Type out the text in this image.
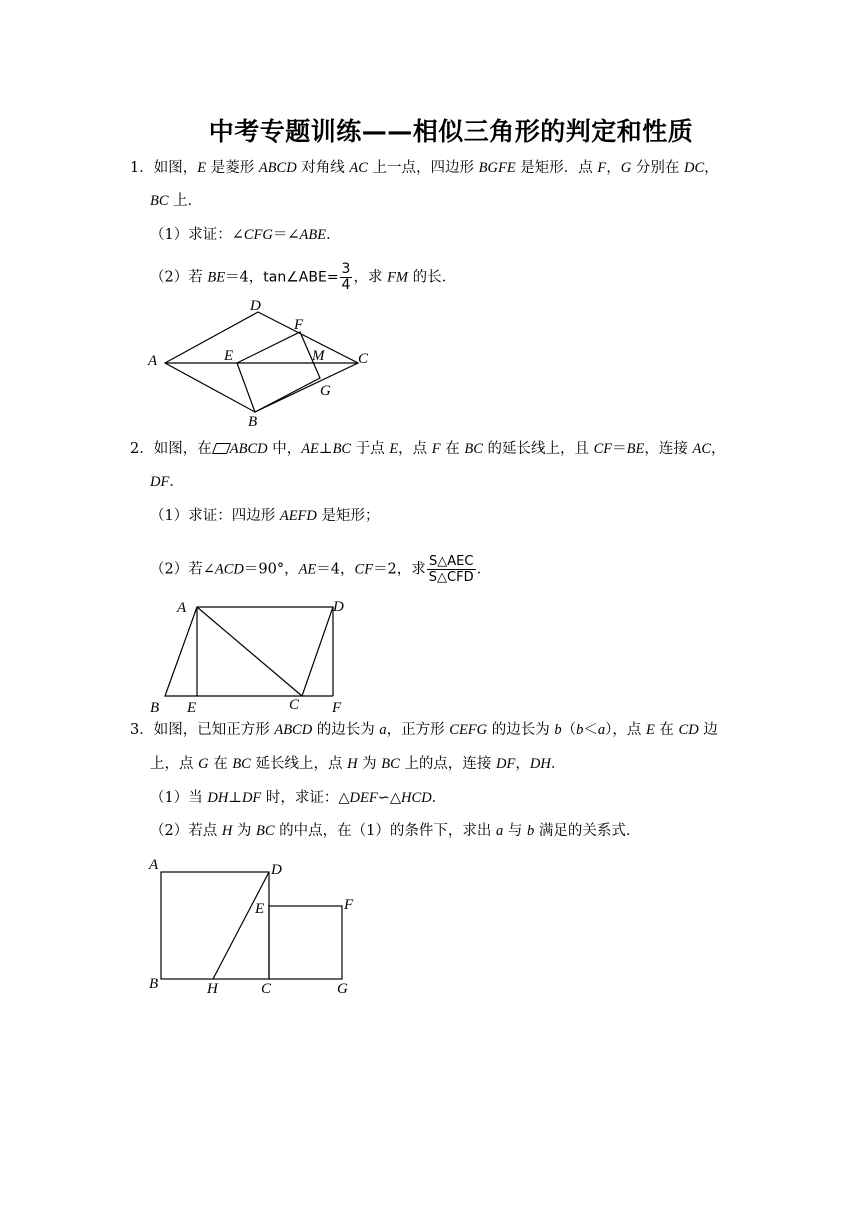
中考专题训练——相似三角形的判定和性质
1．如图，E 是菱形 ABCD 对角线 AC 上一点，四边形 BGFE 是矩形．点 F，G 分别在 DC，
BC 上．
（1）求证：∠CFG＝∠ABE．
（2）若 BE＝4，tan∠ABE= $\frac{3}{4}$ ，求 FM 的长．
A
D
F
E	M C
G
B
2．如图，在 ABCD 中，AE⊥BC 于点 E，点 F 在 BC 的延长线上，且 CF＝BE，连接 AC，
DF．
（1）求证：四边形 AEFD 是矩形；
（2）若∠ACD＝90°，AE＝4，CF＝2，求 $\frac{\text{S△AEC}}{\text{S△CFD}}$ ．
A	D
B E	C F
3．如图，已知正方形 ABCD 的边长为 a，正方形 CEFG 的边长为 b（b＜a），点 E 在 CD 边
上，点 G 在 BC 延长线上，点 H 为 BC 上的点，连接 DF，DH．
（1）当 DH⊥DF 时，求证：△DEF∽△HCD．
（2）若点 H 为 BC 的中点，在（1）的条件下，求出 a 与 b 满足的关系式．
A	D
E	F
B	H	C	G
